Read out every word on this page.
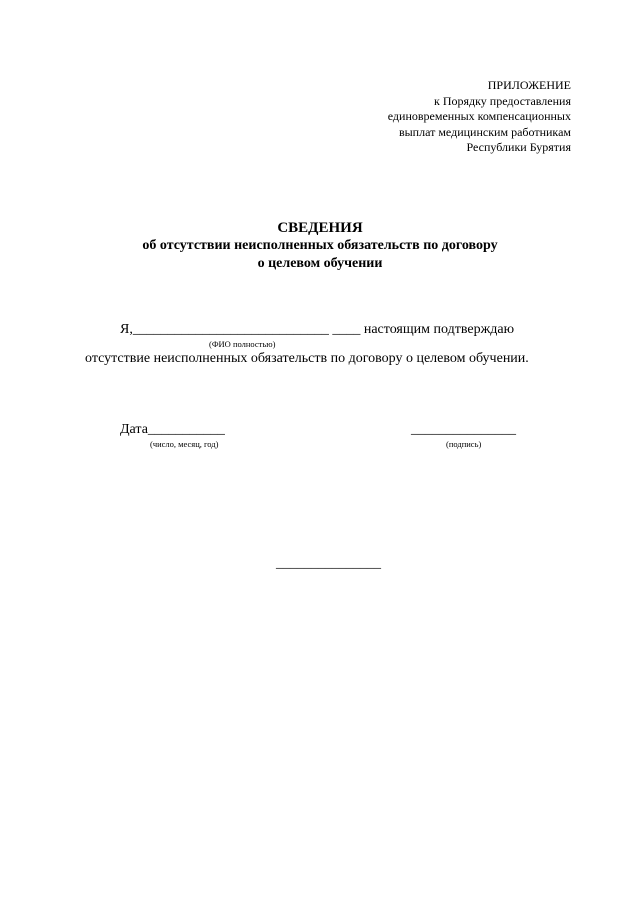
ПРИЛОЖЕНИЕ
к Порядку предоставления
единовременных компенсационных
выплат медицинским работникам
Республики Бурятия
СВЕДЕНИЯ
об отсутствии неисполненных обязательств по договору
о целевом обучении
Я,____________________________ ____ настоящим подтверждаю
(ФИО полностью)
отсутствие неисполненных обязательств по договору о целевом обучении.
Дата___________
(число, месяц, год)
_______________
(подпись)
_______________
